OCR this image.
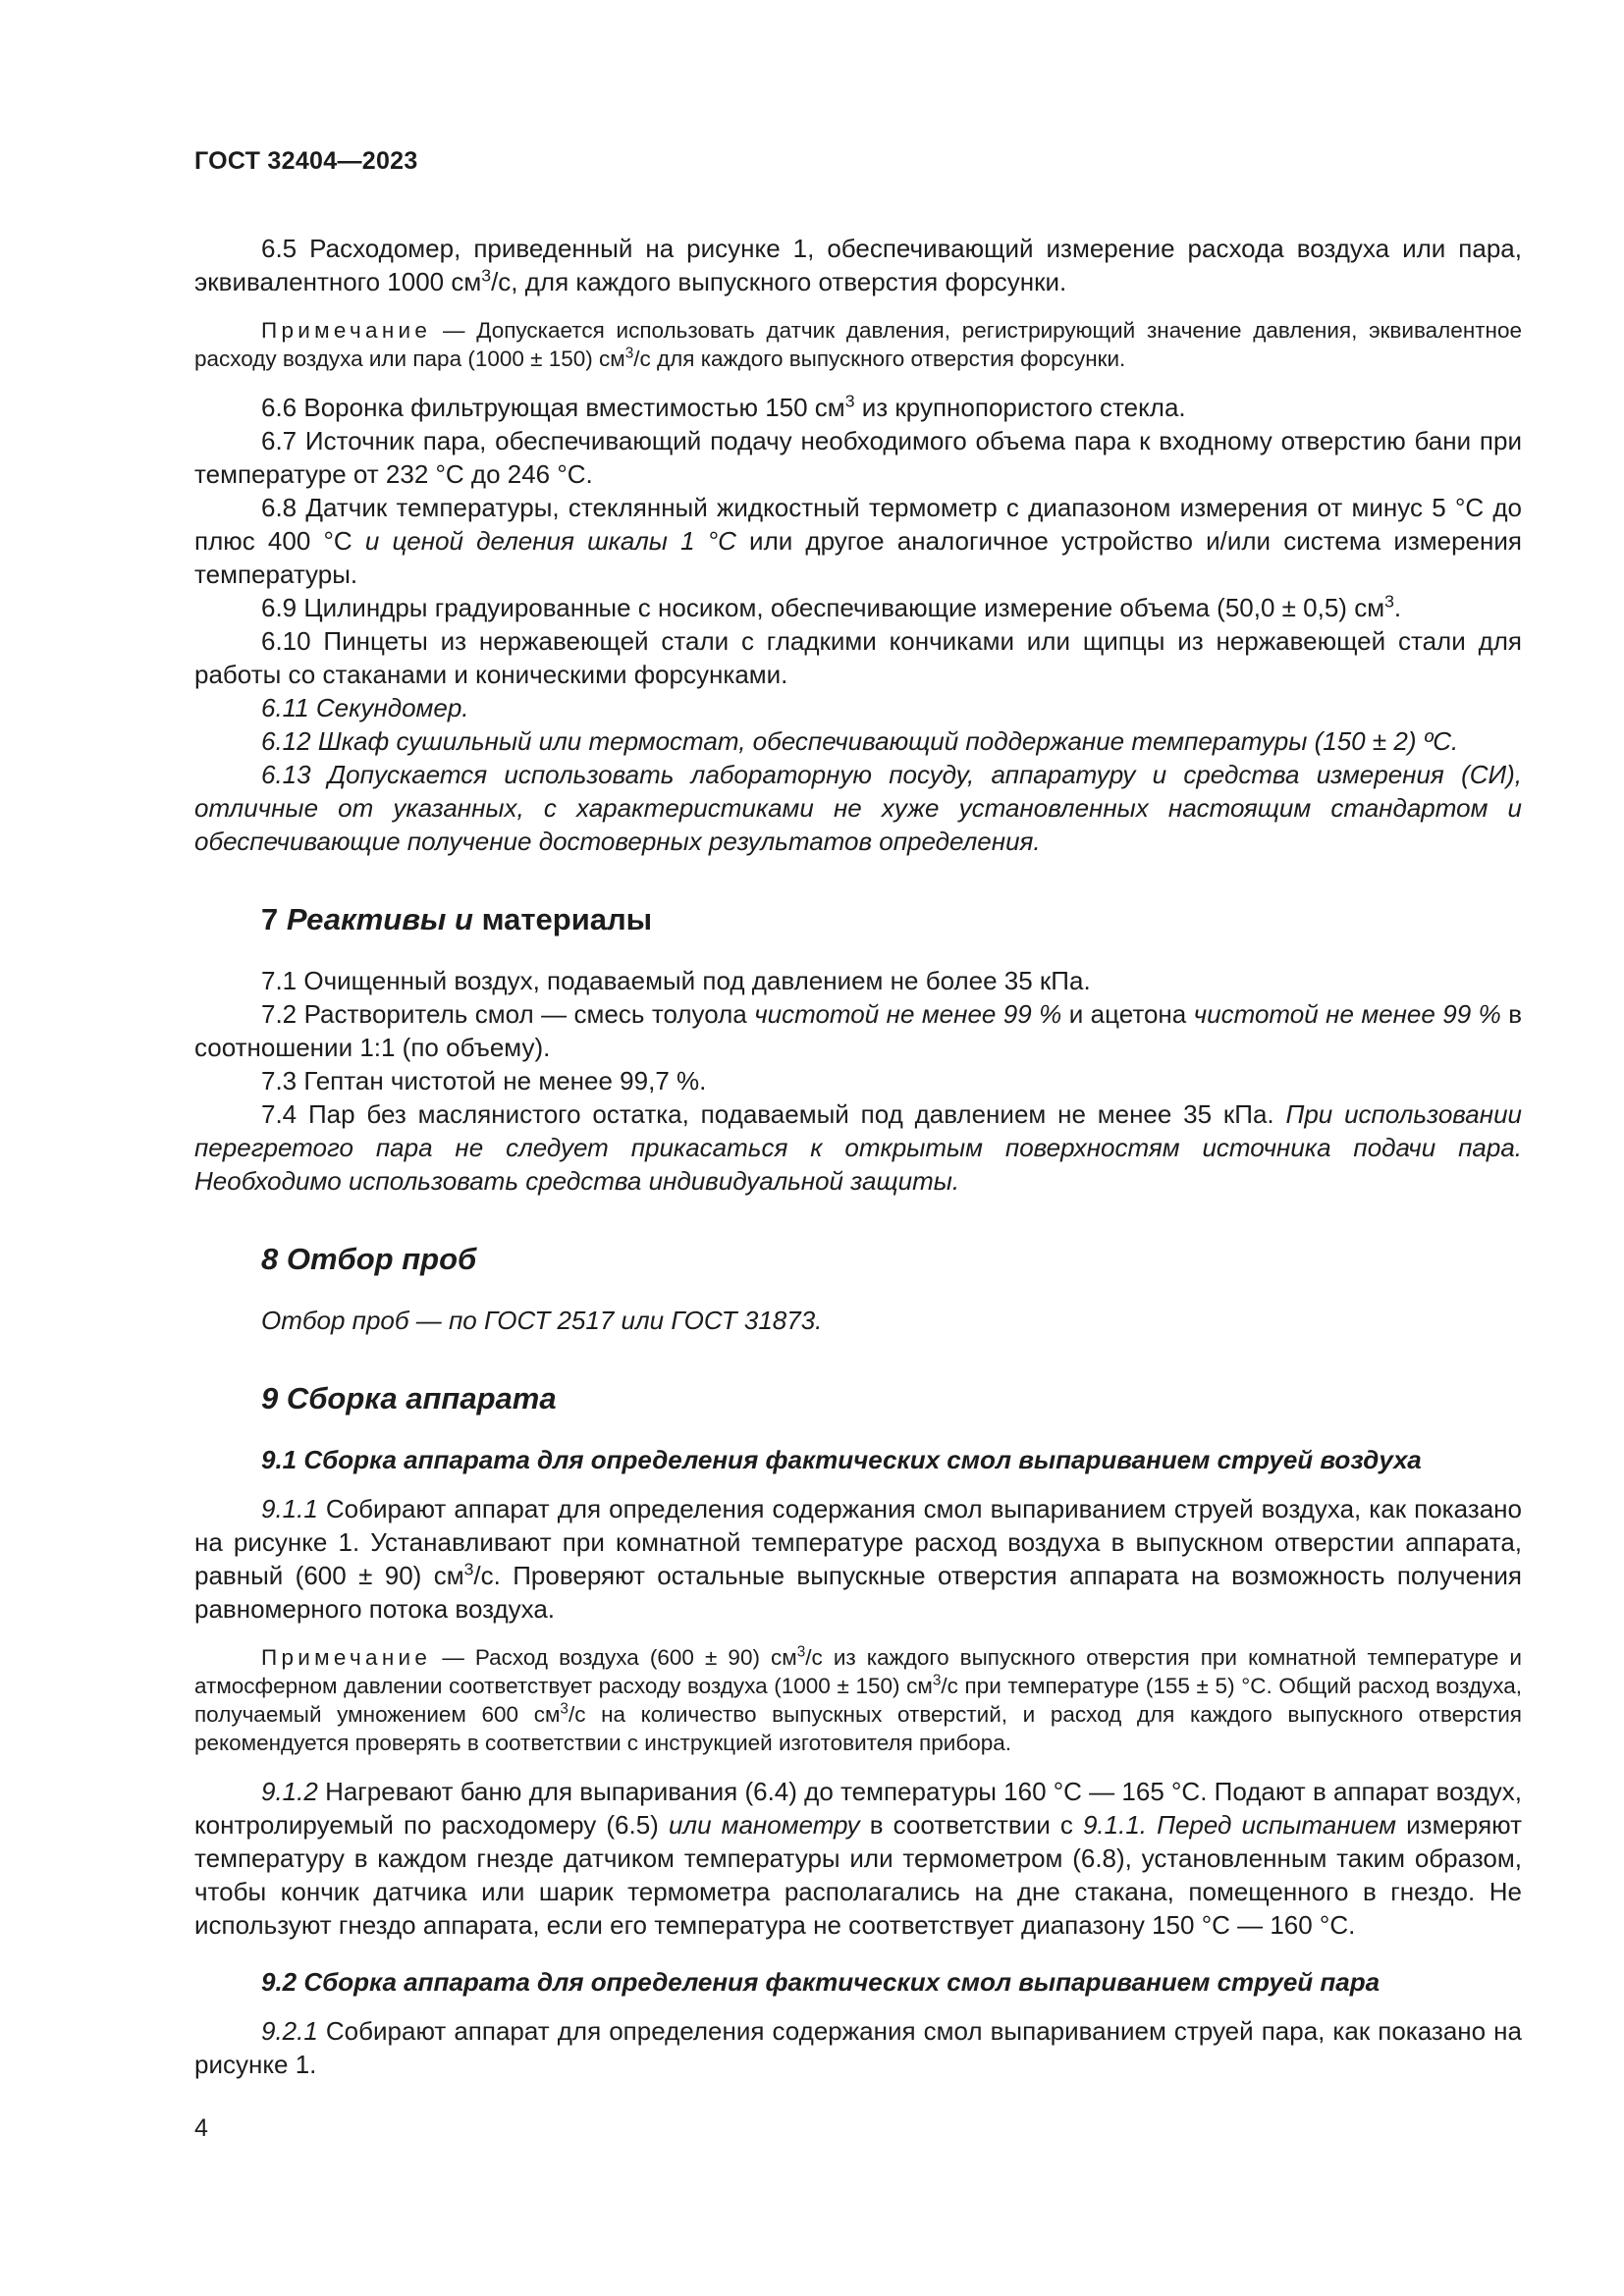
ГОСТ 32404—2023

6.5 Расходомер, приведенный на рисунке 1, обеспечивающий измерение расхода воздуха или пара, эквивалентного 1000 $см^3/с$, для каждого выпускного отверстия форсунки.

Примечание — Допускается использовать датчик давления, регистрирующий значение давления, эквивалентное расходу воздуха или пара (1000 ± 150) $см^3/с$ для каждого выпускного отверстия форсунки.

6.6 Воронка фильтрующая вместимостью 150 $см^3$ из крупнопористого стекла.

6.7 Источник пара, обеспечивающий подачу необходимого объема пара к входному отверстию бани при температуре от 232 °С до 246 °С.

6.8 Датчик температуры, стеклянный жидкостный термометр с диапазоном измерения от минус 5 °С до плюс 400 °С и ценой деления шкалы 1 °С или другое аналогичное устройство и/или система измерения температуры.

6.9 Цилиндры градуированные с носиком, обеспечивающие измерение объема (50,0 ± 0,5) $см^3$.

6.10 Пинцеты из нержавеющей стали с гладкими кончиками или щипцы из нержавеющей стали для работы со стаканами и коническими форсунками.

6.11 Секундомер.

6.12 Шкаф сушильный или термостат, обеспечивающий поддержание температуры (150 ± 2) ºС.

6.13 Допускается использовать лабораторную посуду, аппаратуру и средства измерения (СИ), отличные от указанных, с характеристиками не хуже установленных настоящим стандартом и обеспечивающие получение достоверных результатов определения.

7 Реактивы и материалы

7.1 Очищенный воздух, подаваемый под давлением не более 35 кПа.

7.2 Растворитель смол — смесь толуола чистотой не менее 99 % и ацетона чистотой не менее 99 % в соотношении 1:1 (по объему).

7.3 Гептан чистотой не менее 99,7 %.

7.4 Пар без маслянистого остатка, подаваемый под давлением не менее 35 кПа. При использовании перегретого пара не следует прикасаться к открытым поверхностям источника подачи пара. Необходимо использовать средства индивидуальной защиты.

8 Отбор проб

Отбор проб — по ГОСТ 2517 или ГОСТ 31873.

9 Сборка аппарата
9.1 Сборка аппарата для определения фактических смол выпариванием струей воздуха

9.1.1 Собирают аппарат для определения содержания смол выпариванием струей воздуха, как показано на рисунке 1. Устанавливают при комнатной температуре расход воздуха в выпускном отверстии аппарата, равный (600 ± 90) $см^3/с$. Проверяют остальные выпускные отверстия аппарата на возможность получения равномерного потока воздуха.

Примечание — Расход воздуха (600 ± 90) $см^3/с$ из каждого выпускного отверстия при комнатной температуре и атмосферном давлении соответствует расходу воздуха (1000 ± 150) $см^3/с$ при температуре (155 ± 5) °С. Общий расход воздуха, получаемый умножением 600 $см^3/с$ на количество выпускных отверстий, и расход для каждого выпускного отверстия рекомендуется проверять в соответствии с инструкцией изготовителя прибора.

9.1.2 Нагревают баню для выпаривания (6.4) до температуры 160 °С — 165 °С. Подают в аппарат воздух, контролируемый по расходомеру (6.5) или манометру в соответствии с 9.1.1. Перед испытанием измеряют температуру в каждом гнезде датчиком температуры или термометром (6.8), установленным таким образом, чтобы кончик датчика или шарик термометра располагались на дне стакана, помещенного в гнездо. Не используют гнездо аппарата, если его температура не соответствует диапазону 150 °С — 160 °С.

9.2 Сборка аппарата для определения фактических смол выпариванием струей пара

9.2.1 Собирают аппарат для определения содержания смол выпариванием струей пара, как показано на рисунке 1.

4
